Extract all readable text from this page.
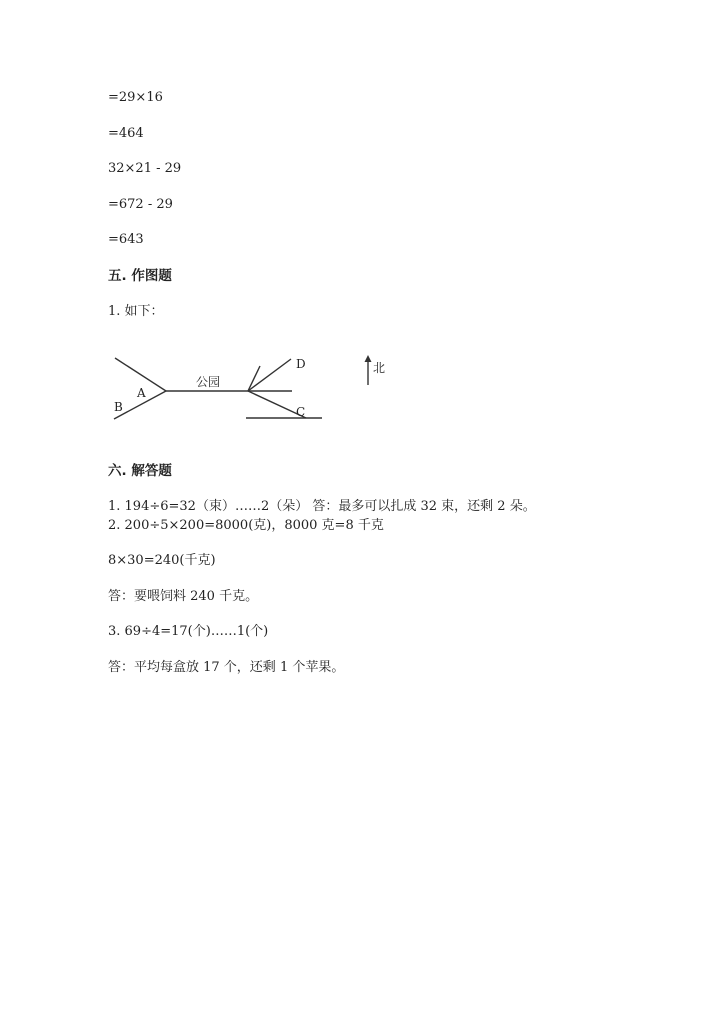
=29×16
=464
32×21 - 29
=672 - 29
=643
五. 作图题
1. 如下：
A
B
公园
D
C
北
六. 解答题
1. 194÷6=32（束）……2（朵） 答：最多可以扎成 32 束，还剩 2 朵。
2. 200÷5×200=8000(克)，8000 克=8 千克
8×30=240(千克)
答：要喂饲料 240 千克。
3. 69÷4=17(个)……1(个)
答：平均每盒放 17 个，还剩 1 个苹果。
